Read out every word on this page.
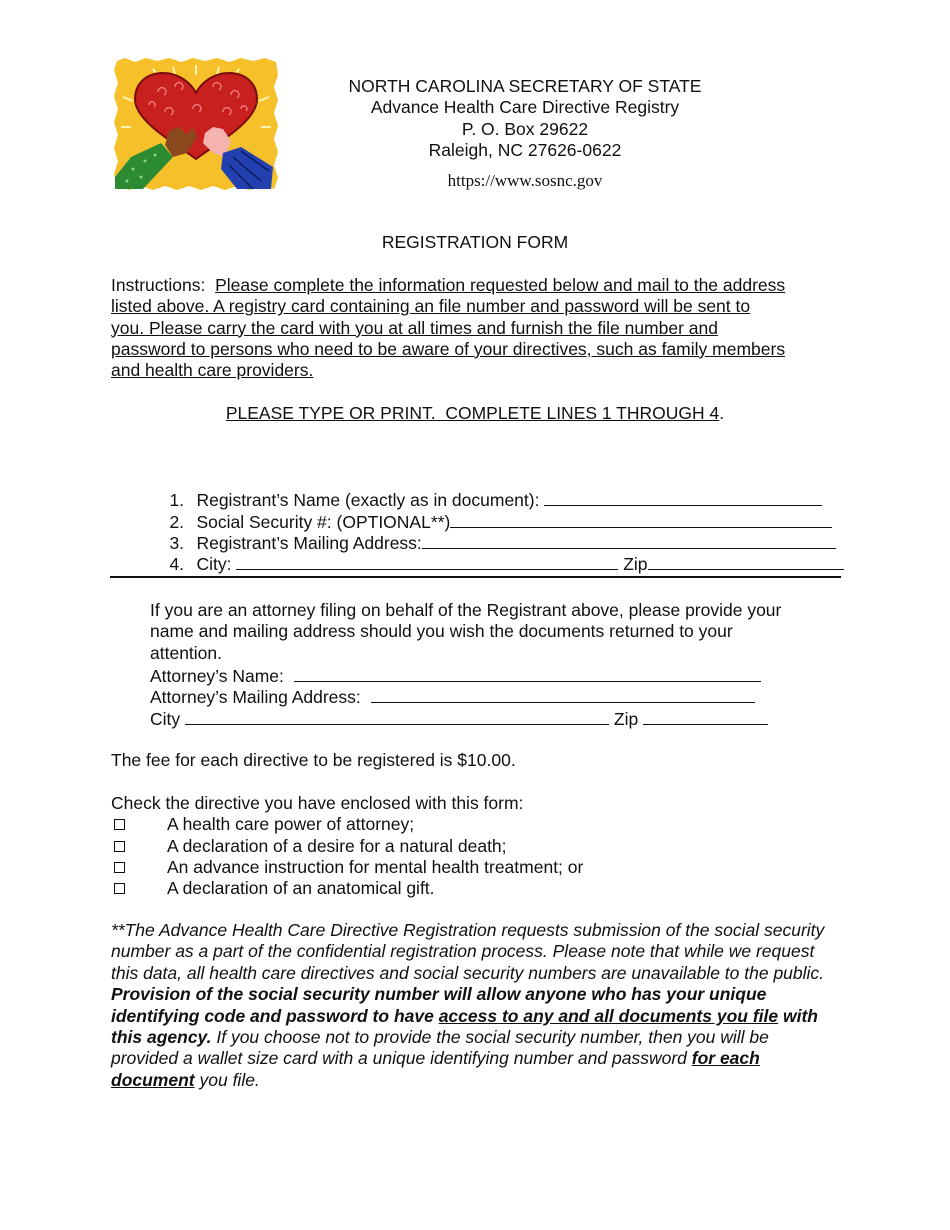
NORTH CAROLINA SECRETARY OF STATE
Advance Health Care Directive Registry
P. O. Box 29622
Raleigh, NC 27626-0622
https://www.sosnc.gov
REGISTRATION FORM
Instructions: Please complete the information requested below and mail to the address
listed above. A registry card containing an file number and password will be sent to
you. Please carry the card with you at all times and furnish the file number and
password to persons who need to be aware of your directives, such as family members
and health care providers.
PLEASE TYPE OR PRINT.  COMPLETE LINES 1 THROUGH 4.

1. Registrant’s Name (exactly as in document):

2. Social Security #: (OPTIONAL**)

3. Registrant’s Mailing Address:

4. City:	Zip

If you are an attorney filing on behalf of the Registrant above, please provide your
name and mailing address should you wish the documents returned to your
attention.
Attorney’s Name:
Attorney’s Mailing Address:
City	Zip
The fee for each directive to be registered is $10.00.
Check the directive you have enclosed with this form:
A health care power of attorney;
A declaration of a desire for a natural death;
An advance instruction for mental health treatment; or
A declaration of an anatomical gift.
**The Advance Health Care Directive Registration requests submission of the social security number as a part of the confidential registration process. Please note that while we request this data, all health care directives and social security numbers are unavailable to the public. Provision of the social security number will allow anyone who has your unique identifying code and password to have access to any and all documents you file with this agency. If you choose not to provide the social security number, then you will be provided a wallet size card with a unique identifying number and password for each document you file.
